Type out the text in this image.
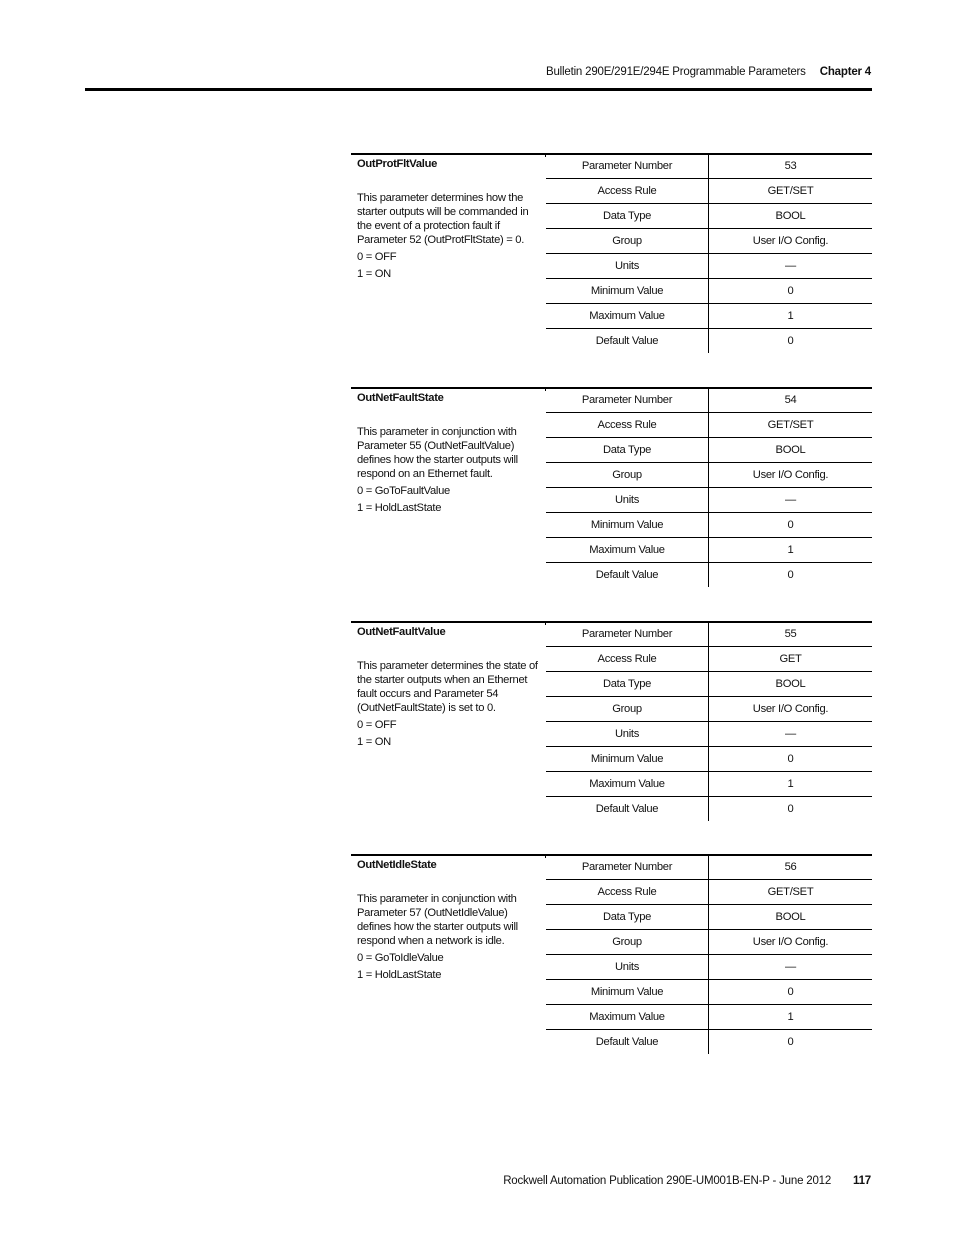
Bulletin 290E/291E/294E Programmable Parameters Chapter 4
OutProtFltValue
This parameter determines how the starter outputs will be commanded in the event of a protection fault if Parameter 52 (OutProtFltState) = 0.
0 = OFF
1 = ON
Parameter Number	53
Access Rule	GET/SET
Data Type	BOOL
Group	User I/O Config.
Units	—
Minimum Value	0
Maximum Value	1
Default Value	0
OutNetFaultState
This parameter in conjunction with Parameter 55 (OutNetFaultValue) defines how the starter outputs will respond on an Ethernet fault.
0 = GoToFaultValue
1 = HoldLastState
Parameter Number	54
Access Rule	GET/SET
Data Type	BOOL
Group	User I/O Config.
Units	—
Minimum Value	0
Maximum Value	1
Default Value	0
OutNetFaultValue
This parameter determines the state of the starter outputs when an Ethernet fault occurs and Parameter 54 (OutNetFaultState) is set to 0.
0 = OFF
1 = ON
Parameter Number	55
Access Rule	GET
Data Type	BOOL
Group	User I/O Config.
Units	—
Minimum Value	0
Maximum Value	1
Default Value	0
OutNetIdleState
This parameter in conjunction with Parameter 57 (OutNetIdleValue) defines how the starter outputs will respond when a network is idle.
0 = GoToIdleValue
1 = HoldLastState
Parameter Number	56
Access Rule	GET/SET
Data Type	BOOL
Group	User I/O Config.
Units	—
Minimum Value	0
Maximum Value	1
Default Value	0
Rockwell Automation Publication 290E-UM001B-EN-P - June 2012 117
